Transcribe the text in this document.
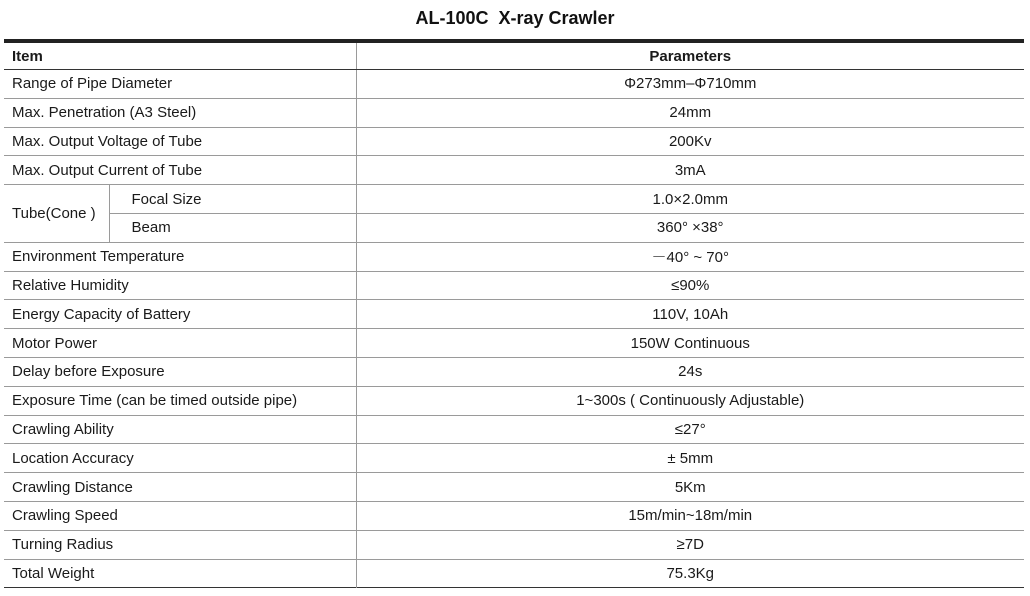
AL-100C  X-ray Crawler
Item		Parameters
Range of Pipe Diameter		Φ273mm–Φ710mm
Max. Penetration (A3 Steel)		24mm
Max. Output Voltage of Tube		200Kv
Max. Output Current of Tube		3mA
Tube(Cone )	Focal Size	1.0×2.0mm
	Beam	360° ×38°
Environment Temperature		－40° ~ 70°
Relative Humidity		≤90%
Energy Capacity of Battery		110V, 10Ah
Motor Power		150W Continuous
Delay before Exposure		24s
Exposure Time (can be timed outside pipe)		1~300s ( Continuously Adjustable)
Crawling Ability		≤27°
Location Accuracy		± 5mm
Crawling Distance		5Km
Crawling Speed		15m/min~18m/min
Turning Radius		≥7D
Total Weight		75.3Kg
